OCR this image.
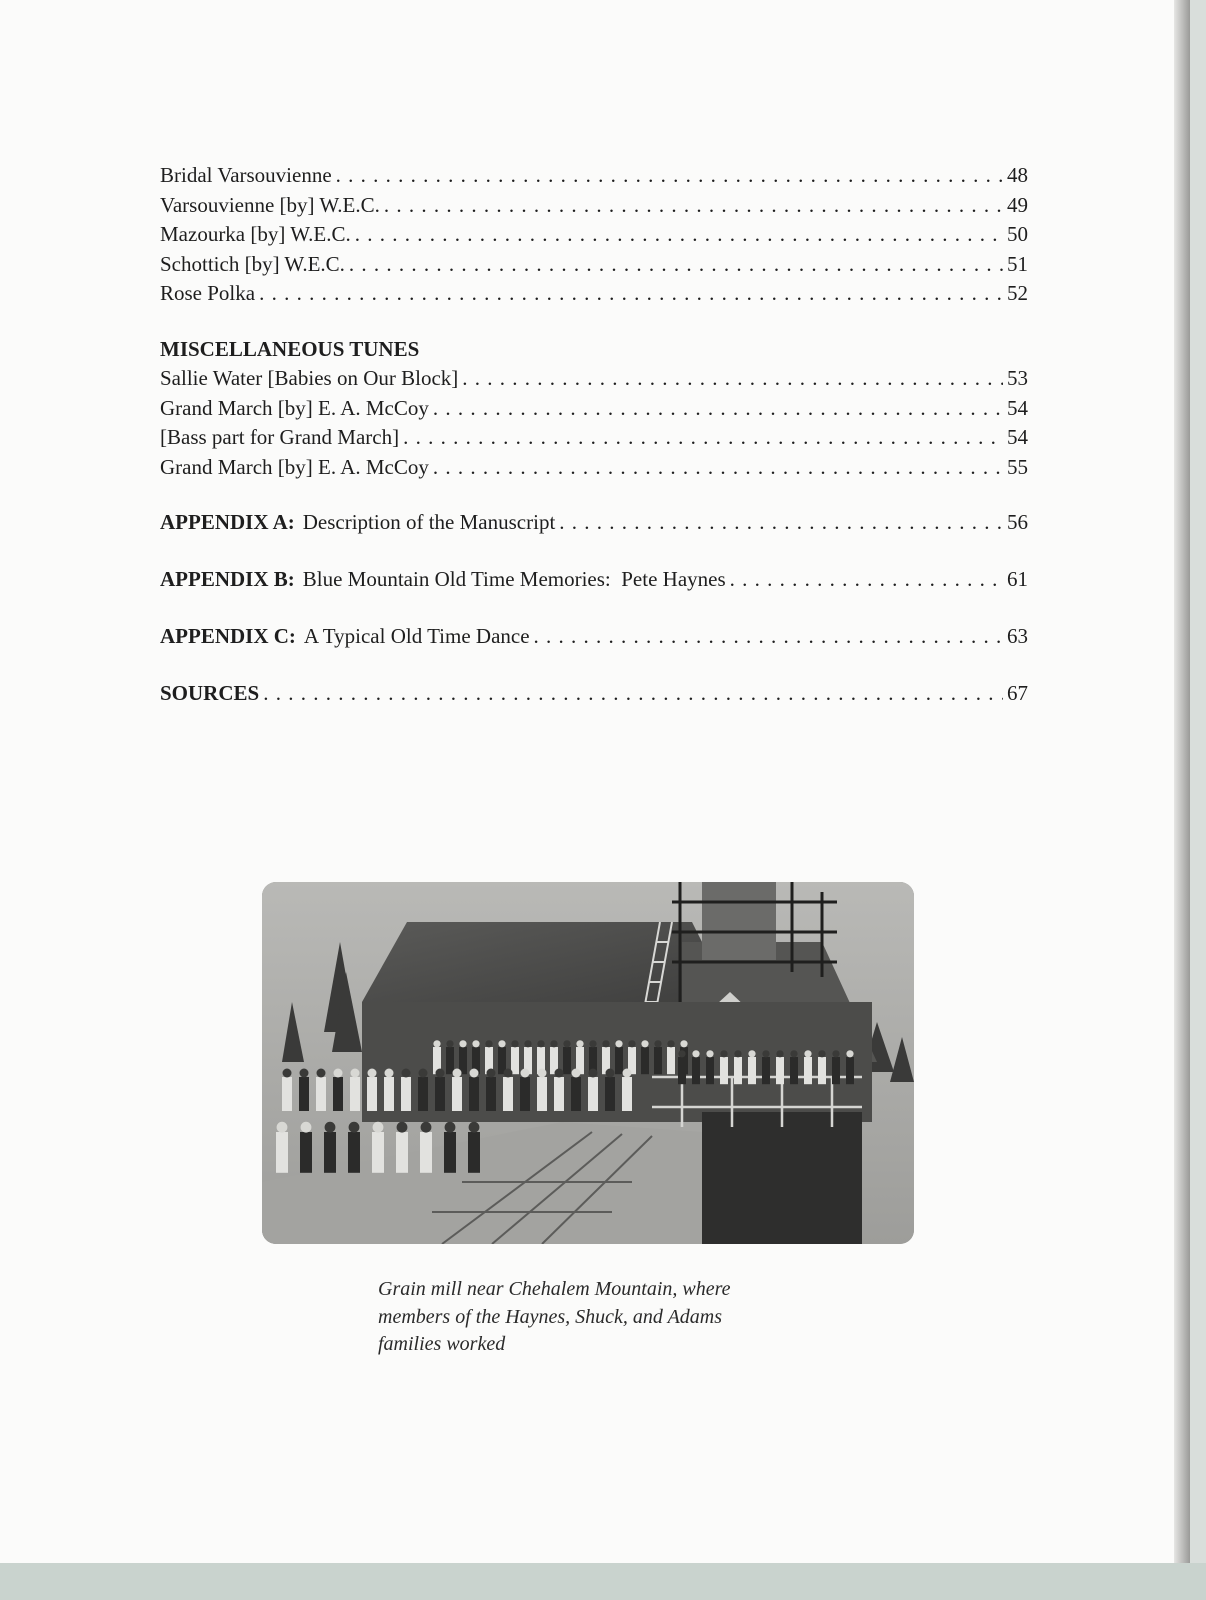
Bridal Varsouvienne . . .	48
Varsouvienne [by] W.E.C. . . .	49
Mazourka [by] W.E.C. . . .	50
Schottich [by] W.E.C. . . .	51
Rose Polka . . .	52
MISCELLANEOUS TUNES
Sallie Water [Babies on Our Block] . . .	53
Grand March [by] E. A. McCoy . . .	54
[Bass part for Grand March] . . .	54
Grand March [by] E. A. McCoy . . .	55
APPENDIX A: Description of the Manuscript . . .	56
APPENDIX B: Blue Mountain Old Time Memories:  Pete Haynes . . .	61
APPENDIX C: A Typical Old Time Dance . . .	63
SOURCES . . .	67
Grain mill near Chehalem Mountain, where
members of the Haynes, Shuck, and Adams
families worked
